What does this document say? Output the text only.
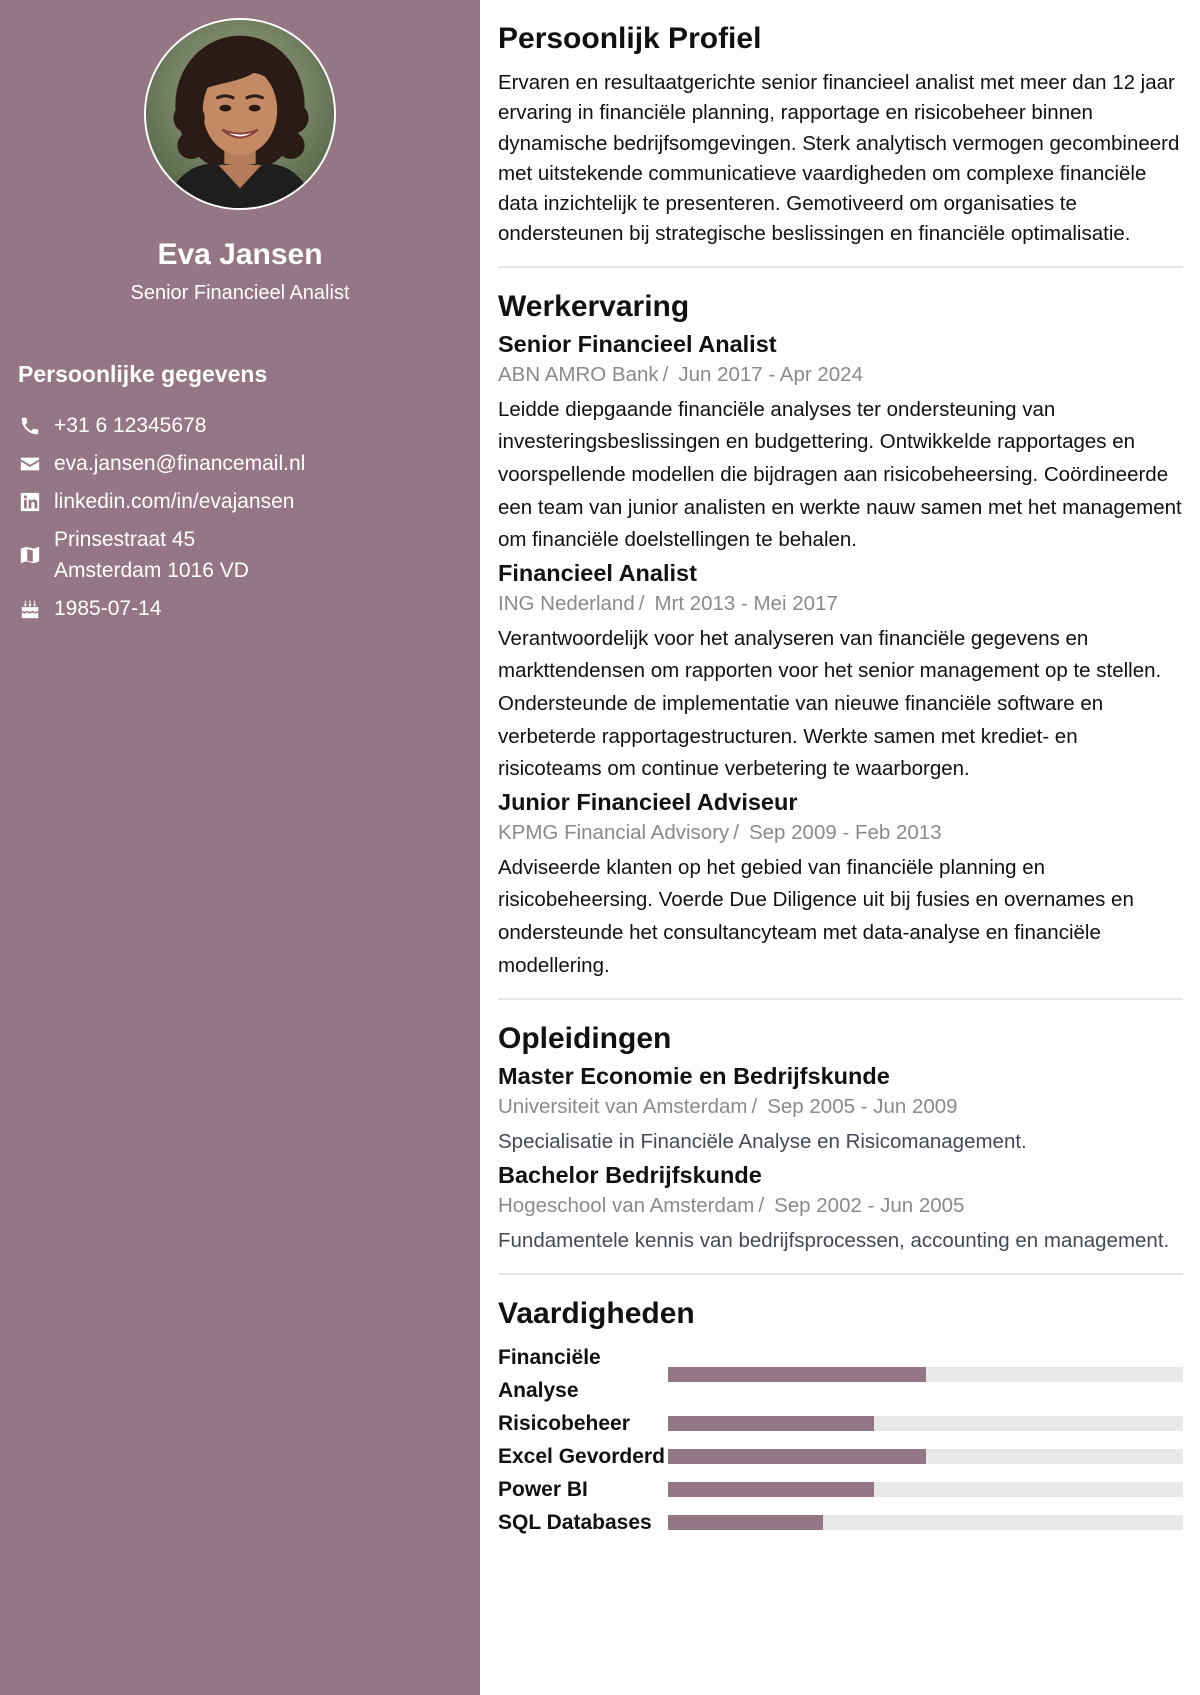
Eva Jansen

Senior Financieel Analist

Persoonlijke gegevens
+31 6 12345678
eva.jansen@financemail.nl
linkedin.com/in/evajansen
Prinsestraat 45
Amsterdam 1016 VD
1985-07-14
Persoonlijk Profiel

Ervaren en resultaatgerichte senior financieel analist met meer dan 12 jaar ervaring in financiële planning, rapportage en risicobeheer binnen dynamische bedrijfsomgevingen. Sterk analytisch vermogen gecombineerd met uitstekende communicatieve vaardigheden om complexe financiële data inzichtelijk te presenteren. Gemotiveerd om organisaties te ondersteunen bij strategische beslissingen en financiële optimalisatie.

Werkervaring
Senior Financieel Analist

ABN AMRO Bank / Jun 2017 - Apr 2024

Leidde diepgaande financiële analyses ter ondersteuning van investeringsbeslissingen en budgettering. Ontwikkelde rapportages en voorspellende modellen die bijdragen aan risicobeheersing. Coördineerde een team van junior analisten en werkte nauw samen met het management om financiële doelstellingen te behalen.

Financieel Analist

ING Nederland / Mrt 2013 - Mei 2017

Verantwoordelijk voor het analyseren van financiële gegevens en markttendensen om rapporten voor het senior management op te stellen. Ondersteunde de implementatie van nieuwe financiële software en verbeterde rapportagestructuren. Werkte samen met krediet- en risicoteams om continue verbetering te waarborgen.

Junior Financieel Adviseur

KPMG Financial Advisory / Sep 2009 - Feb 2013

Adviseerde klanten op het gebied van financiële planning en risicobeheersing. Voerde Due Diligence uit bij fusies en overnames en ondersteunde het consultancyteam met data-analyse en financiële modellering.

Opleidingen
Master Economie en Bedrijfskunde

Universiteit van Amsterdam / Sep 2005 - Jun 2009

Specialisatie in Financiële Analyse en Risicomanagement.

Bachelor Bedrijfskunde

Hogeschool van Amsterdam / Sep 2002 - Jun 2005

Fundamentele kennis van bedrijfsprocessen, accounting en management.

Vaardigheden
Financiële Analyse
Risicobeheer
Excel Gevorderd
Power BI
SQL Databases
